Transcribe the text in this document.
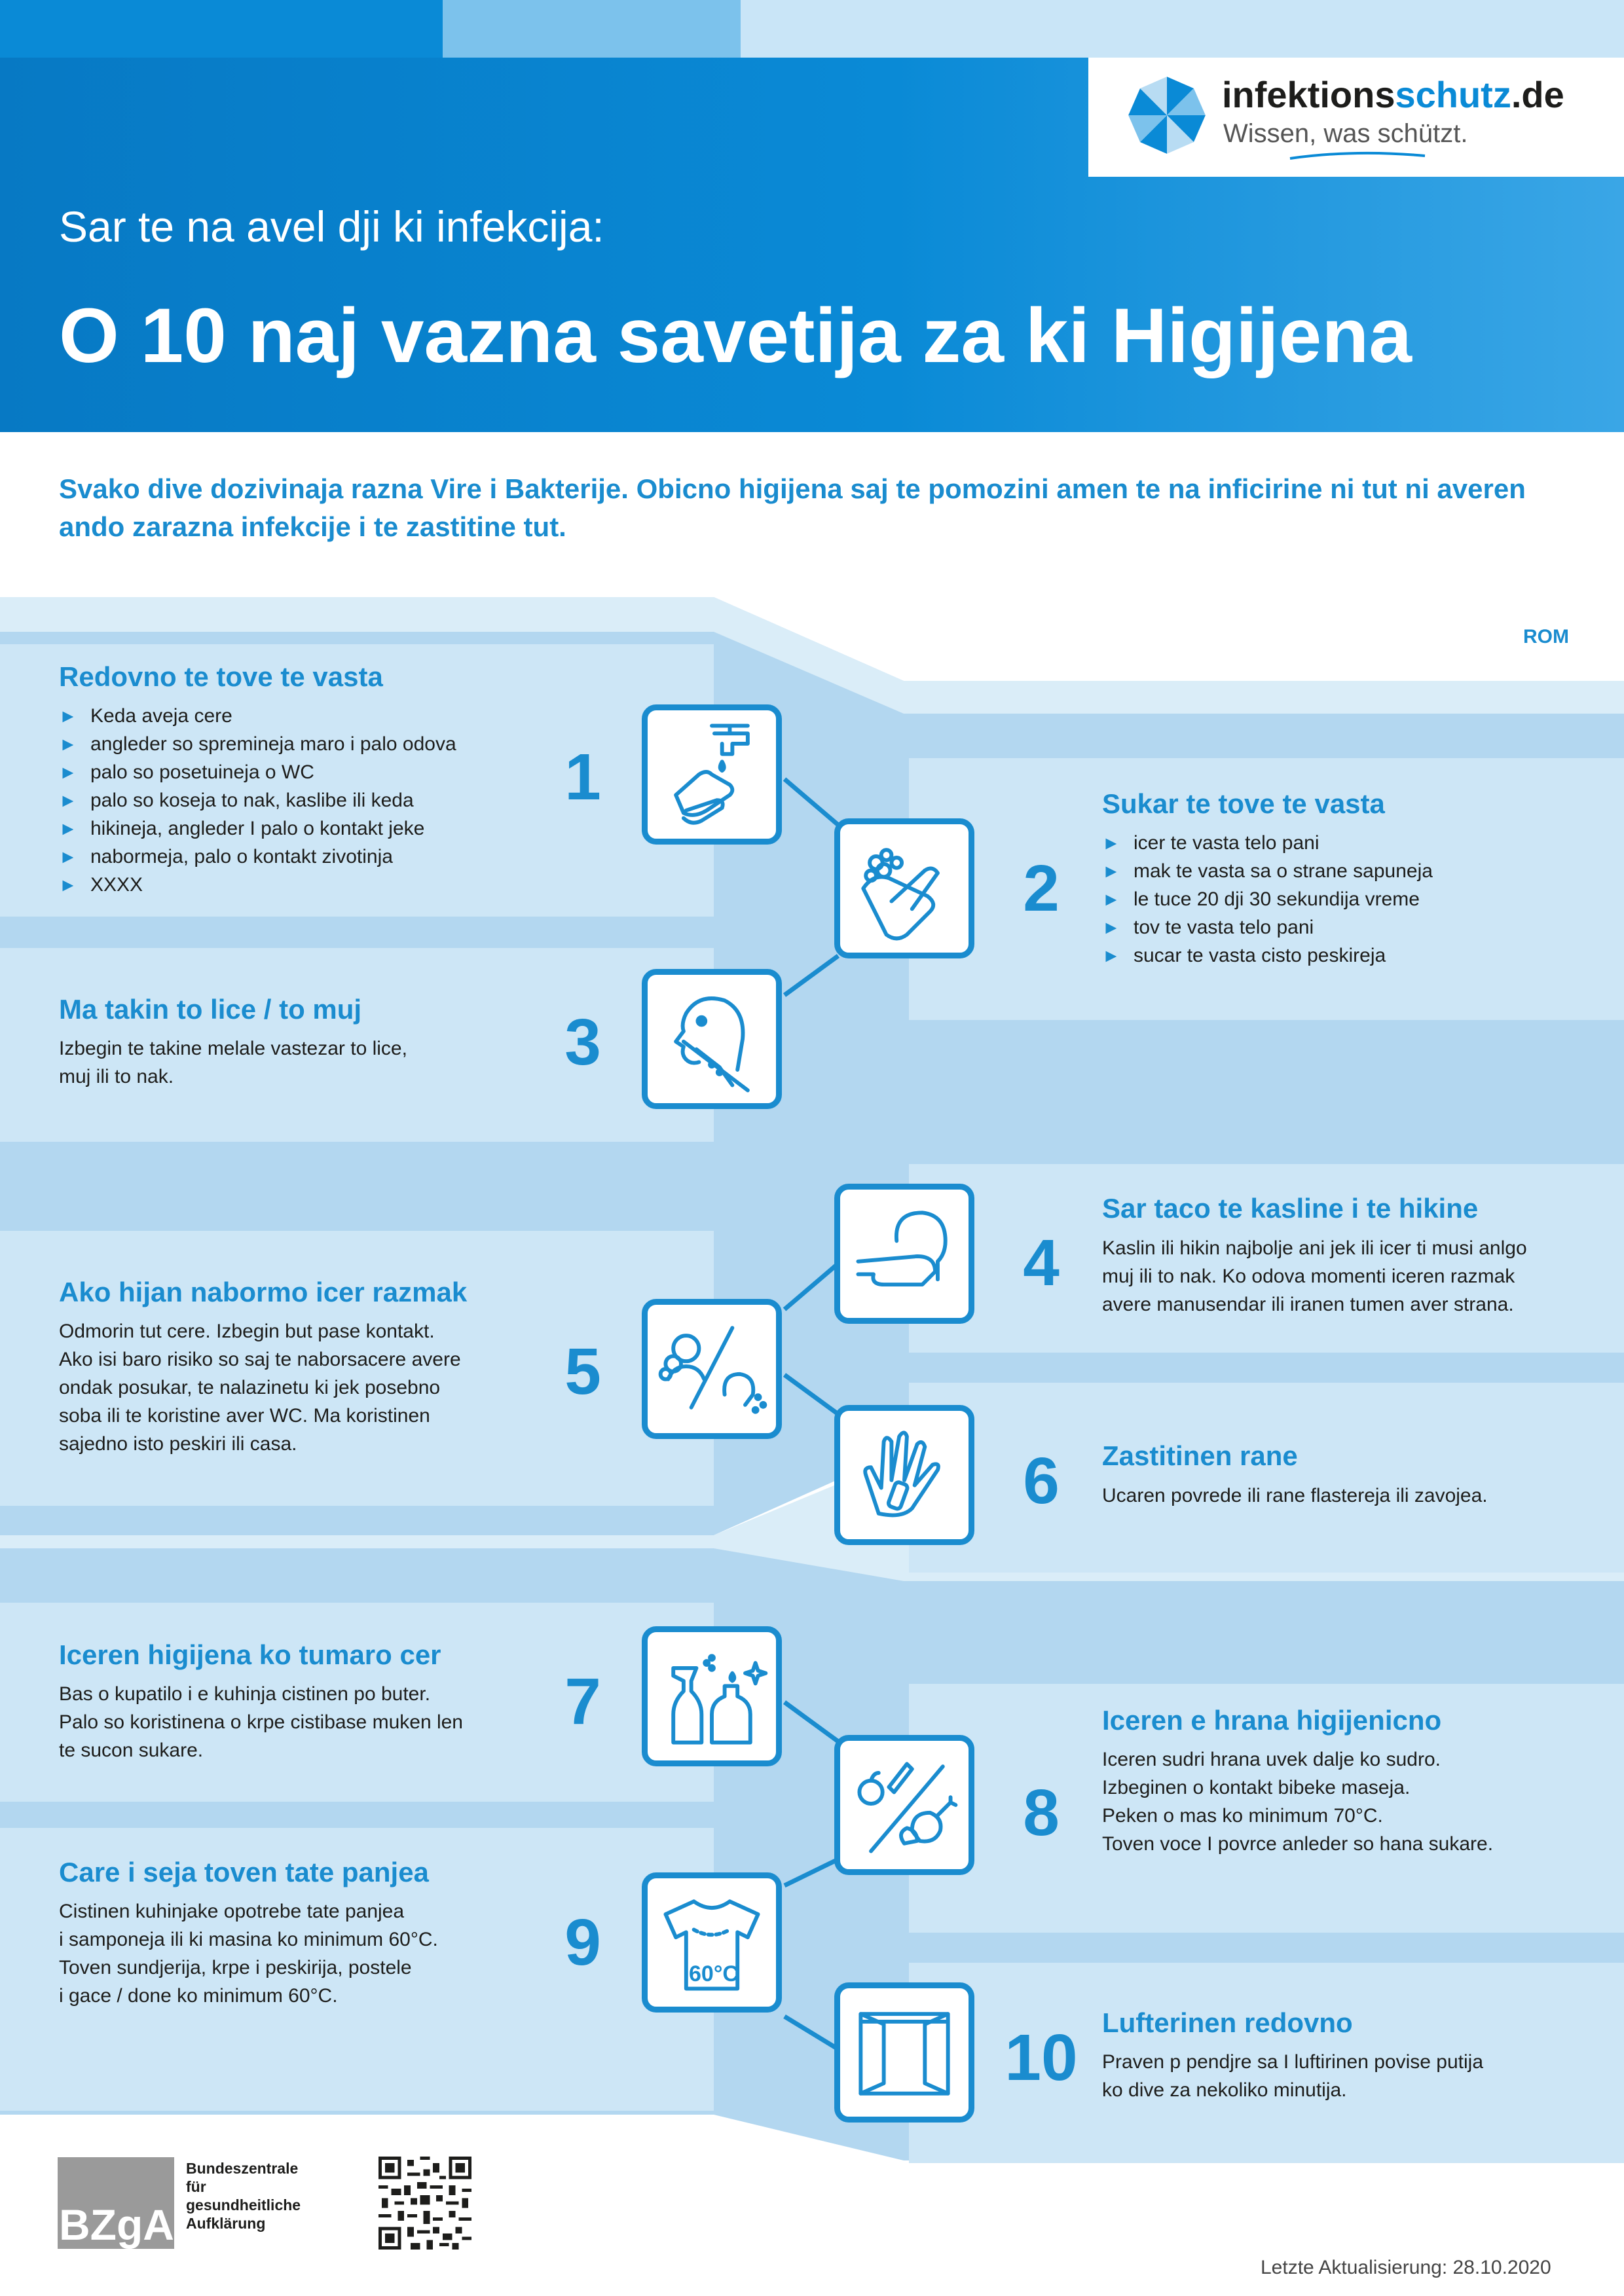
infektionsschutz.de
Wissen, was schützt.
Sar te na avel dji ki infekcija:
O 10 naj vazna savetija za ki Higijena
Svako dive dozivinaja razna Vire i Bakterije. Obicno higijena saj te pomozini amen te na inficirine ni tut ni averen ando zarazna infekcije i te zastitine tut.
ROM
Redovno te tove te vasta
► Keda aveja cere
► angleder so spremineja maro i palo odova
► palo so posetuineja o WC
► palo so koseja to nak, kaslibe ili keda
► hikineja, angleder I palo o kontakt jeke
► nabormeja, palo o kontakt zivotinja
► XXXX
1	Sukar te tove te vasta
► icer te vasta telo pani
► mak te vasta sa o strane sapuneja
► le tuce 20 dji 30 sekundija vreme
► tov te vasta telo pani
► sucar te vasta cisto peskireja
2
Ma takin to lice / to muj
Izbegin te takine melale vastezar to lice,
muj ili to nak.	3
Sar taco te kasline i te hikine
Kaslin ili hikin najbolje ani jek ili icer ti musi anlgo
muj ili to nak. Ko odova momenti iceren razmak
avere manusendar ili iranen tumen aver strana.
4
Ako hijan nabormo icer razmak
Odmorin tut cere. Izbegin but pase kontakt.
Ako isi baro risiko so saj te naborsacere avere
ondak posukar, te nalazinetu ki jek posebno
soba ili te koristine aver WC. Ma koristinen
sajedno isto peskiri ili casa.
5
Zastitinen rane
Ucaren povrede ili rane flastereja ili zavojea.
6
Iceren higijena ko tumaro cer
Bas o kupatilo i e kuhinja cistinen po buter.
Palo so koristinena o krpe cistibase muken len
te sucon sukare.
7	Iceren e hrana higijenicno
Iceren sudri hrana uvek dalje ko sudro.
Izbeginen o kontakt bibeke maseja.
Peken o mas ko minimum 70°C.
Toven voce I povrce anleder so hana sukare.
8
Care i seja toven tate panjea
Cistinen kuhinjake opotrebe tate panjea
i samponeja ili ki masina ko minimum 60°C.
Toven sundjerija, krpe i peskirija, postele
i gace / done ko minimum 60°C.
9	60°C
Lufterinen redovno
Praven p pendjre sa I luftirinen povise putija
ko dive za nekoliko minutija.
10
BZgA
Bundeszentrale
für
gesundheitliche
Aufklärung
Letzte Aktualisierung: 28.10.2020
